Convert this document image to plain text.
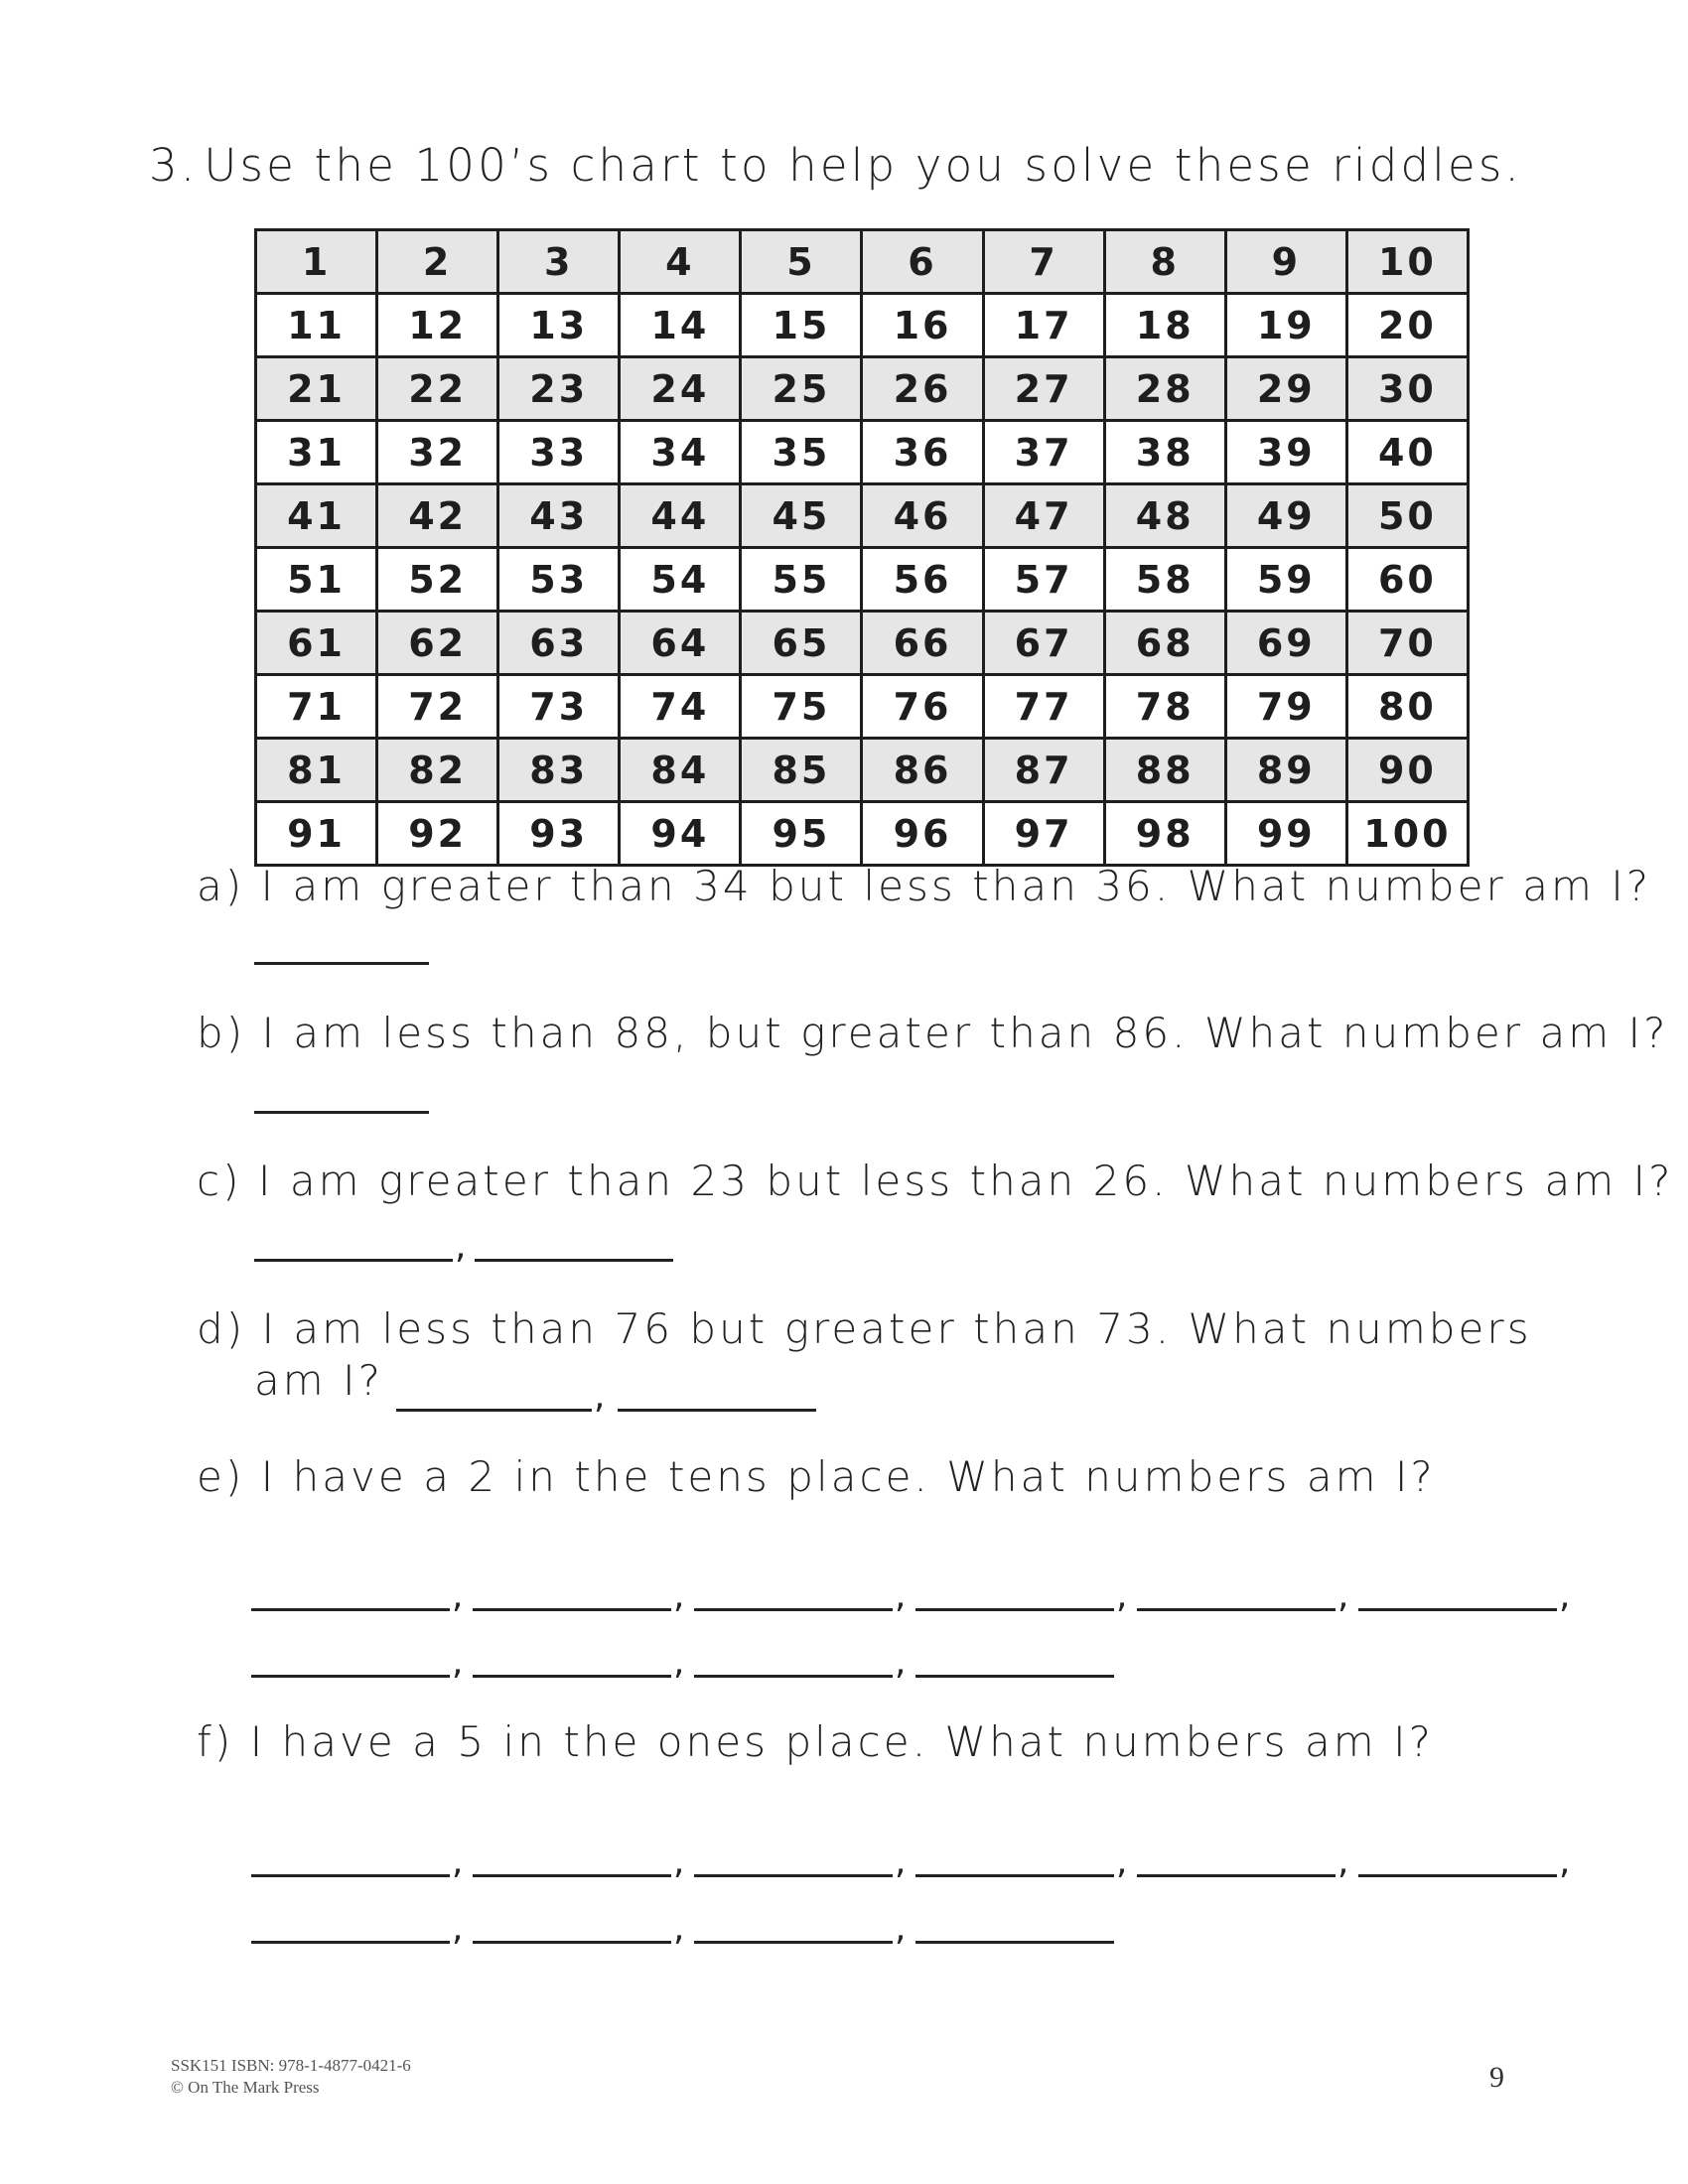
3. Use the 100’s chart to help you solve these riddles.
1	2	3	4	5	6	7	8	9	10
11	12	13	14	15	16	17	18	19	20
21	22	23	24	25	26	27	28	29	30
31	32	33	34	35	36	37	38	39	40
41	42	43	44	45	46	47	48	49	50
51	52	53	54	55	56	57	58	59	60
61	62	63	64	65	66	67	68	69	70
71	72	73	74	75	76	77	78	79	80
81	82	83	84	85	86	87	88	89	90
91	92	93	94	95	96	97	98	99	100
a) I am greater than 34 but less than 36. What number am I?
b) I am less than 88, but greater than 86. What number am I?
c) I am greater than 23 but less than 26. What numbers am I?
,
d) I am less than 76 but greater than 73. What numbers
am I?	,
e) I have a 2 in the tens place. What numbers am I?
,	,	,	,	,	,
,	,	,
f) I have a 5 in the ones place. What numbers am I?
,	,	,	,	,	,
,	,	,
SSK151 ISBN: 978-1-4877-0421-6
© On The Mark Press	9
